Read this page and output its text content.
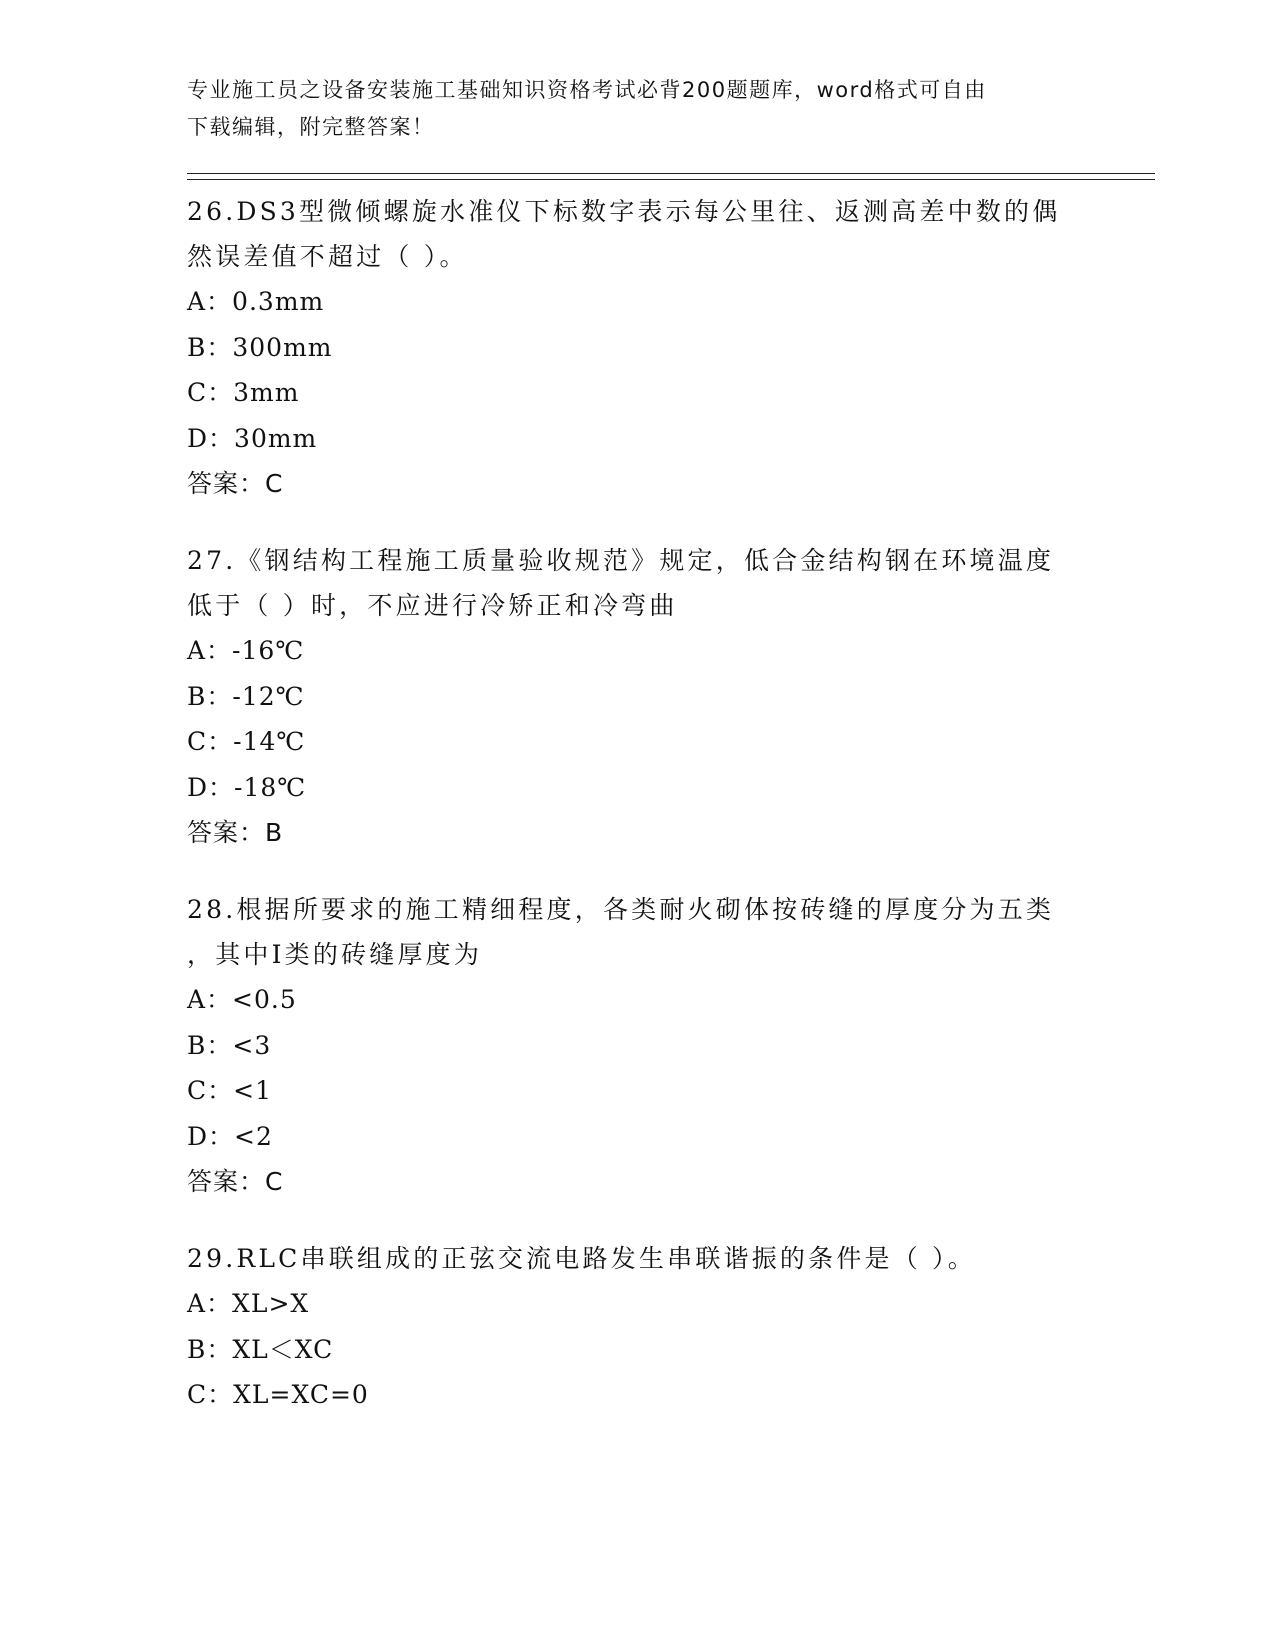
专业施工员之设备安装施工基础知识资格考试必背200题题库，word格式可自由
下载编辑，附完整答案！
26.DS3型微倾螺旋水准仪下标数字表示每公里往、返测高差中数的偶
然误差值不超过（ ）。
A：0.3mm
B：300mm
C：3mm
D：30mm
答案：C
27.《钢结构工程施工质量验收规范》规定，低合金结构钢在环境温度
低于（ ）时，不应进行冷矫正和冷弯曲
A：-16℃
B：-12℃
C：-14℃
D：-18℃
答案：B
28.根据所要求的施工精细程度，各类耐火砌体按砖缝的厚度分为五类
，其中Ⅰ类的砖缝厚度为
A：<0.5
B：<3
C：<1
D：<2
答案：C
29.RLC串联组成的正弦交流电路发生串联谐振的条件是（ ）。
A：XL>X
B：XL＜XC
C：XL=XC=0
